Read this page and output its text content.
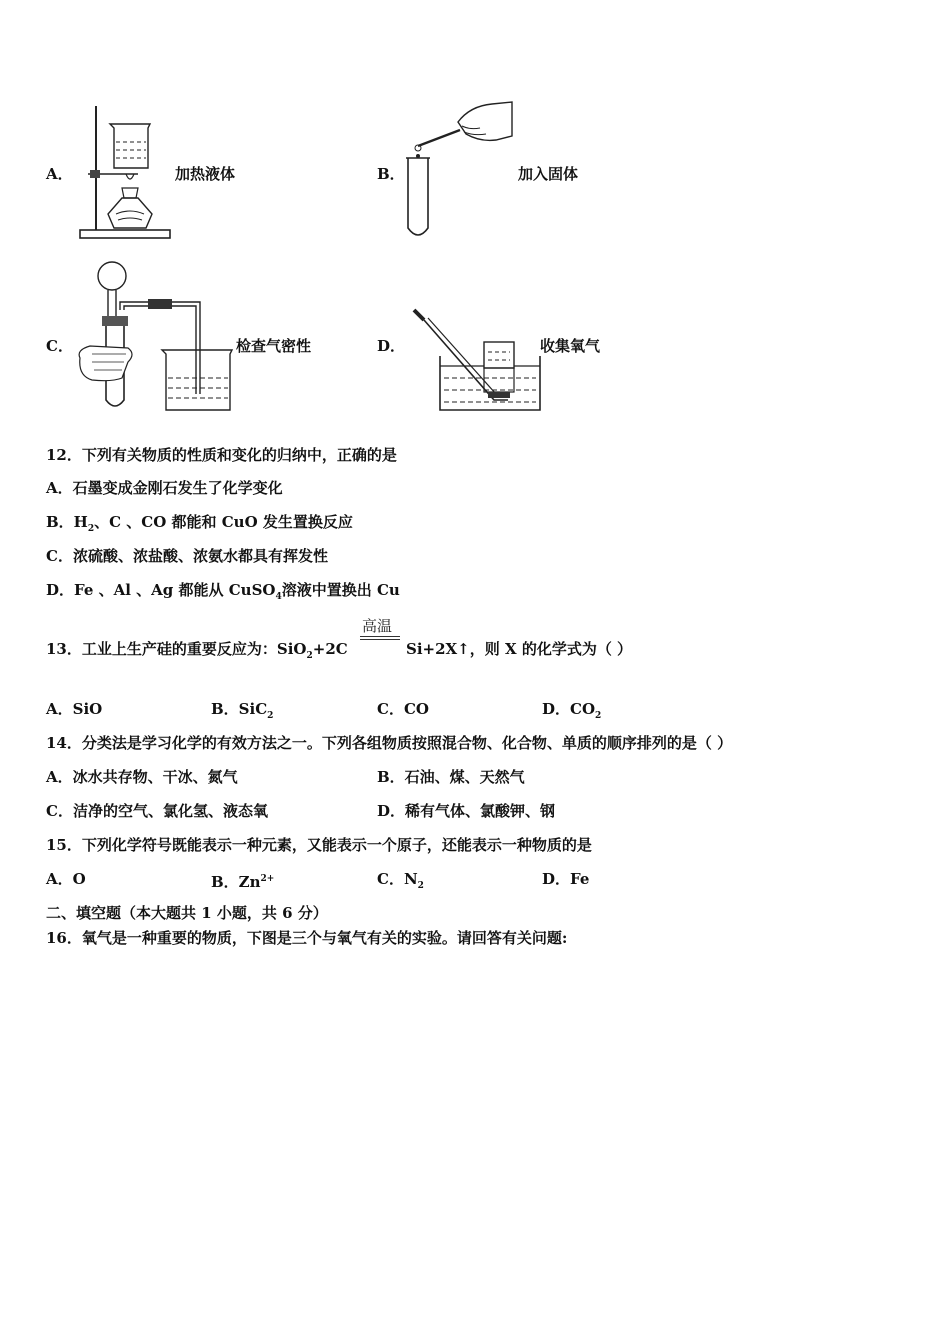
A．	加热液体	B．	加入固体
C．	检查气密性	D．	收集氧气
12．下列有关物质的性质和变化的归纳中，正确的是
A．石墨变成金刚石发生了化学变化
B．$H_2$、C 、CO 都能和 CuO 发生置换反应
C．浓硫酸、浓盐酸、浓氨水都具有挥发性
D．Fe 、Al 、Ag 都能从 CuSO$_4$溶液中置换出 Cu
13．工业上生产硅的重要反应为：SiO$_2$+2C
高温
Si+2X↑，则 X 的化学式为（ ）
A．SiO	B．SiC$_2$	C．CO	D．$CO_2$
14．分类法是学习化学的有效方法之一。下列各组物质按照混合物、化合物、单质的顺序排列的是（ ）
A．冰水共存物、干冰、氮气	B．石油、煤、天然气
C．洁净的空气、氯化氢、液态氧	D．稀有气体、氯酸钾、钢
15．下列化学符号既能表示一种元素，又能表示一个原子，还能表示一种物质的是
A．O	B．$Zn^{2+}$	C．$N_2$	D．Fe
二、填空题（本大题共 1 小题，共 6 分）
16．氧气是一种重要的物质，下图是三个与氧气有关的实验。请回答有关问题:
